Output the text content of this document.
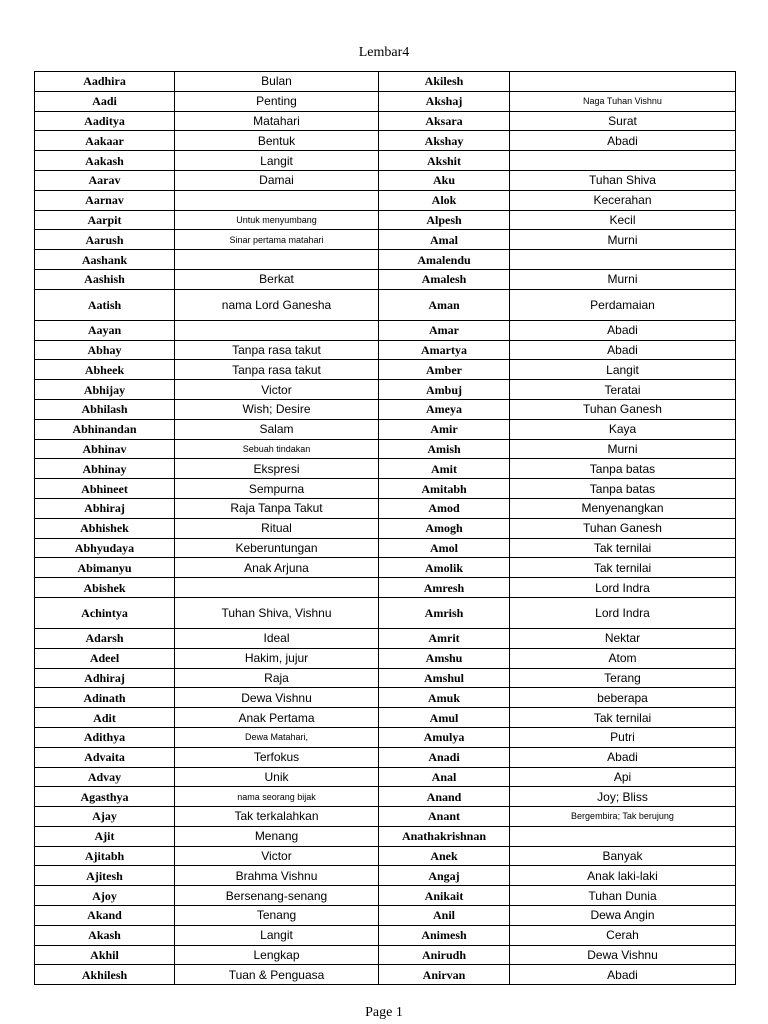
Lembar4
Aadhira	Bulan	Akilesh	
Aadi	Penting	Akshaj	Naga Tuhan Vishnu
Aaditya	Matahari	Aksara	Surat
Aakaar	Bentuk	Akshay	Abadi
Aakash	Langit	Akshit	
Aarav	Damai	Aku	Tuhan Shiva
Aarnav		Alok	Kecerahan
Aarpit	Untuk menyumbang	Alpesh	Kecil
Aarush	Sinar pertama matahari	Amal	Murni
Aashank		Amalendu	
Aashish	Berkat	Amalesh	Murni
Aatish	nama Lord Ganesha	Aman	Perdamaian
Aayan		Amar	Abadi
Abhay	Tanpa rasa takut	Amartya	Abadi
Abheek	Tanpa rasa takut	Amber	Langit
Abhijay	Victor	Ambuj	Teratai
Abhilash	Wish; Desire	Ameya	Tuhan Ganesh
Abhinandan	Salam	Amir	Kaya
Abhinav	Sebuah tindakan	Amish	Murni
Abhinay	Ekspresi	Amit	Tanpa batas
Abhineet	Sempurna	Amitabh	Tanpa batas
Abhiraj	Raja Tanpa Takut	Amod	Menyenangkan
Abhishek	Ritual	Amogh	Tuhan Ganesh
Abhyudaya	Keberuntungan	Amol	Tak ternilai
Abimanyu	Anak Arjuna	Amolik	Tak ternilai
Abishek		Amresh	Lord Indra
Achintya	Tuhan Shiva, Vishnu	Amrish	Lord Indra
Adarsh	Ideal	Amrit	Nektar
Adeel	Hakim, jujur	Amshu	Atom
Adhiraj	Raja	Amshul	Terang
Adinath	Dewa Vishnu	Amuk	beberapa
Adit	Anak Pertama	Amul	Tak ternilai
Adithya	Dewa Matahari,	Amulya	Putri
Advaita	Terfokus	Anadi	Abadi
Advay	Unik	Anal	Api
Agasthya	nama seorang bijak	Anand	Joy; Bliss
Ajay	Tak terkalahkan	Anant	Bergembira; Tak berujung
Ajit	Menang	Anathakrishnan	
Ajitabh	Victor	Anek	Banyak
Ajitesh	Brahma Vishnu	Angaj	Anak laki-laki
Ajoy	Bersenang-senang	Anikait	Tuhan Dunia
Akand	Tenang	Anil	Dewa Angin
Akash	Langit	Animesh	Cerah
Akhil	Lengkap	Anirudh	Dewa Vishnu
Akhilesh	Tuan & Penguasa	Anirvan	Abadi
Page 1
